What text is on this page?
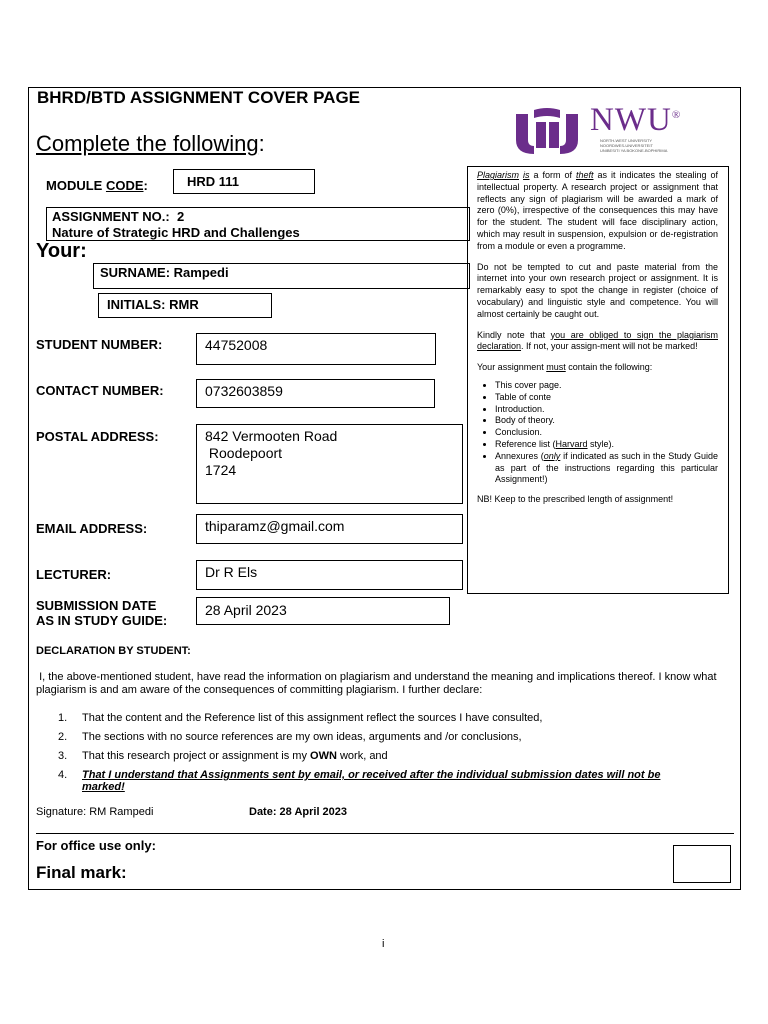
BHRD/BTD ASSIGNMENT COVER PAGE
Complete the following:
NWU®
NORTH-WEST UNIVERSITY
NOORDWES-UNIVERSITEIT
UNIBESITI YA BOKONE-BOPHIRIMA
MODULE CODE:	HRD 111
ASSIGNMENT NO.:  2
Nature of Strategic HRD and Challenges
Your:
SURNAME: Rampedi
INITIALS: RMR
STUDENT NUMBER:	44752008
CONTACT NUMBER:	0732603859
POSTAL ADDRESS:	842 Vermooten Road
Roodepoort
1724
EMAIL ADDRESS:	thiparamz@gmail.com
LECTURER:	Dr R Els
SUBMISSION DATE
AS IN STUDY GUIDE:
28 April 2023

Plagiarism is a form of theft as it indicates the stealing of intellectual property. A research project or assignment that reflects any sign of plagiarism will be awarded a mark of zero (0%), irrespective of the consequences this may have for the student. The student will face disciplinary action, which may result in suspension, expulsion or de-registration from a module or even a programme.

Do not be tempted to cut and paste material from the internet into your own research project or assignment. It is remarkably easy to spot the change in register (choice of vocabulary) and linguistic style and competence. You will almost certainly be caught out.

Kindly note that you are obliged to sign the plagiarism declaration. If not, your assign-ment will not be marked!

Your assignment must contain the following:

• This cover page.
• Table of conte
• Introduction.
• Body of theory.
• Conclusion.
• Reference list (Harvard style).
• Annexures (only if indicated as such in the Study Guide as part of the instructions regarding this particular Assignment!)

NB! Keep to the prescribed length of assignment!

DECLARATION BY STUDENT:
I, the above-mentioned student, have read the information on plagiarism and understand the meaning and implications thereof. I know what plagiarism is and am aware of the consequences of committing plagiarism. I further declare:
1.	That the content and the Reference list of this assignment reflect the sources I have consulted,
2.	The sections with no source references are my own ideas, arguments and /or conclusions,
3.	That this research project or assignment is my OWN work, and
4.	That I understand that Assignments sent by email, or received after the individual submission dates will not be marked!
Signature: RM Rampedi	Date: 28 April 2023
For office use only:
Final mark:
i
